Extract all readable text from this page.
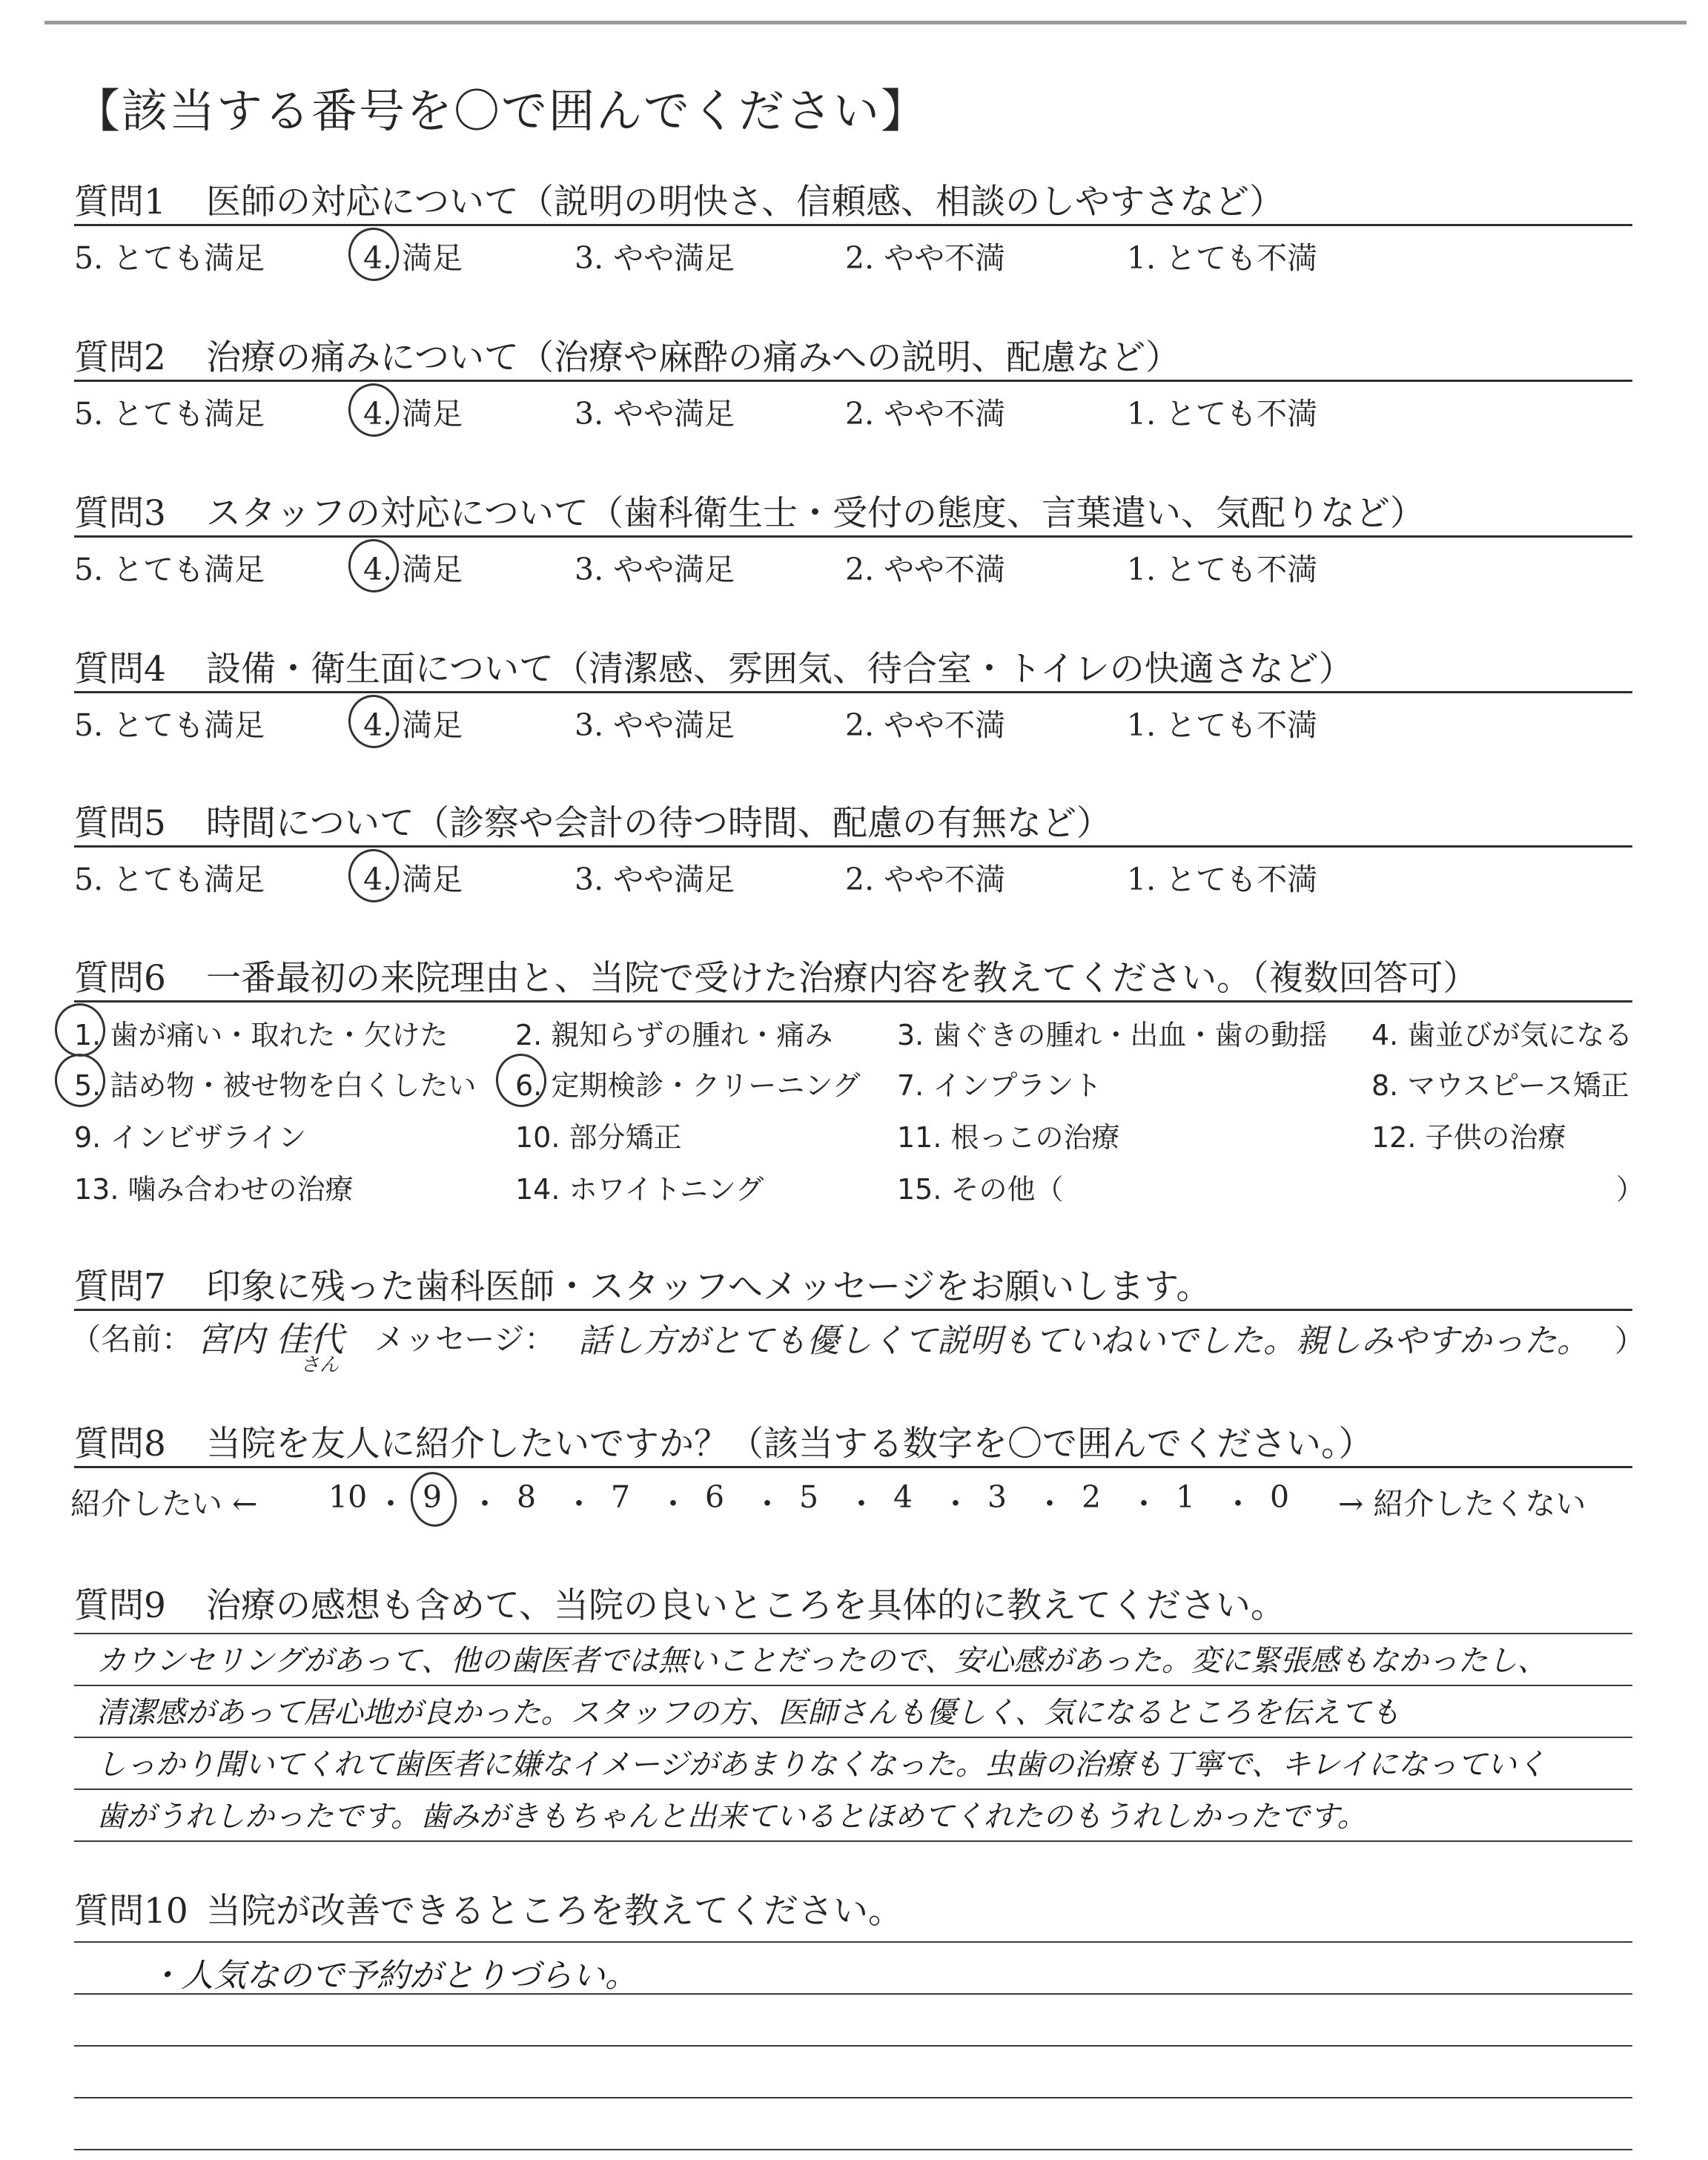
【該当する番号を〇で囲んでください】
質問1 医師の対応について（説明の明快さ、信頼感、相談のしやすさなど）
5. とても満足	4. 満足	3. やや満足	2. やや不満	1. とても不満
質問2 治療の痛みについて（治療や麻酔の痛みへの説明、配慮など）
5. とても満足	4. 満足	3. やや満足	2. やや不満	1. とても不満
質問3 スタッフの対応について（歯科衛生士・受付の態度、言葉遣い、気配りなど）
5. とても満足	4. 満足	3. やや満足	2. やや不満	1. とても不満
質問4 設備・衛生面について（清潔感、雰囲気、待合室・トイレの快適さなど）
5. とても満足	4. 満足	3. やや満足	2. やや不満	1. とても不満
質問5 時間について（診察や会計の待つ時間、配慮の有無など）
5. とても満足	4. 満足	3. やや満足	2. やや不満	1. とても不満
質問6 一番最初の来院理由と、当院で受けた治療内容を教えてください。（複数回答可）
1. 歯が痛い・取れた・欠けた 2. 親知らずの腫れ・痛み 3. 歯ぐきの腫れ・出血・歯の動揺 4. 歯並びが気になる
5. 詰め物・被せ物を白くしたい 6. 定期検診・クリーニング 7. インプラント	8. マウスピース矯正
9. インビザライン	10. 部分矯正	11. 根っこの治療	12. 子供の治療
13. 噛み合わせの治療	14. ホワイトニング	15. その他（	）
質問7 印象に残った歯科医師・スタッフへメッセージをお願いします。
（名前： 宮内 佳代
さん
メッセージ： 話し方がとても優しくて説明もていねいでした。親しみやすかった。 ）
質問8 当院を友人に紹介したいですか？（該当する数字を〇で囲んでください。）
紹介したい ← 10 ・ 9 ・ 8 ・ 7 ・ 6 ・ 5 ・ 4 ・ 3 ・ 2 ・ 1 ・ 0 → 紹介したくない
質問9 治療の感想も含めて、当院の良いところを具体的に教えてください。
カウンセリングがあって、他の歯医者では無いことだったので、安心感があった。変に緊張感もなかったし、
清潔感があって居心地が良かった。スタッフの方、医師さんも優しく、気になるところを伝えても
しっかり聞いてくれて歯医者に嫌なイメージがあまりなくなった。虫歯の治療も丁寧で、キレイになっていく
歯がうれしかったです。歯みがきもちゃんと出来ているとほめてくれたのもうれしかったです。
質問10 当院が改善できるところを教えてください。
・人気なので予約がとりづらい。
